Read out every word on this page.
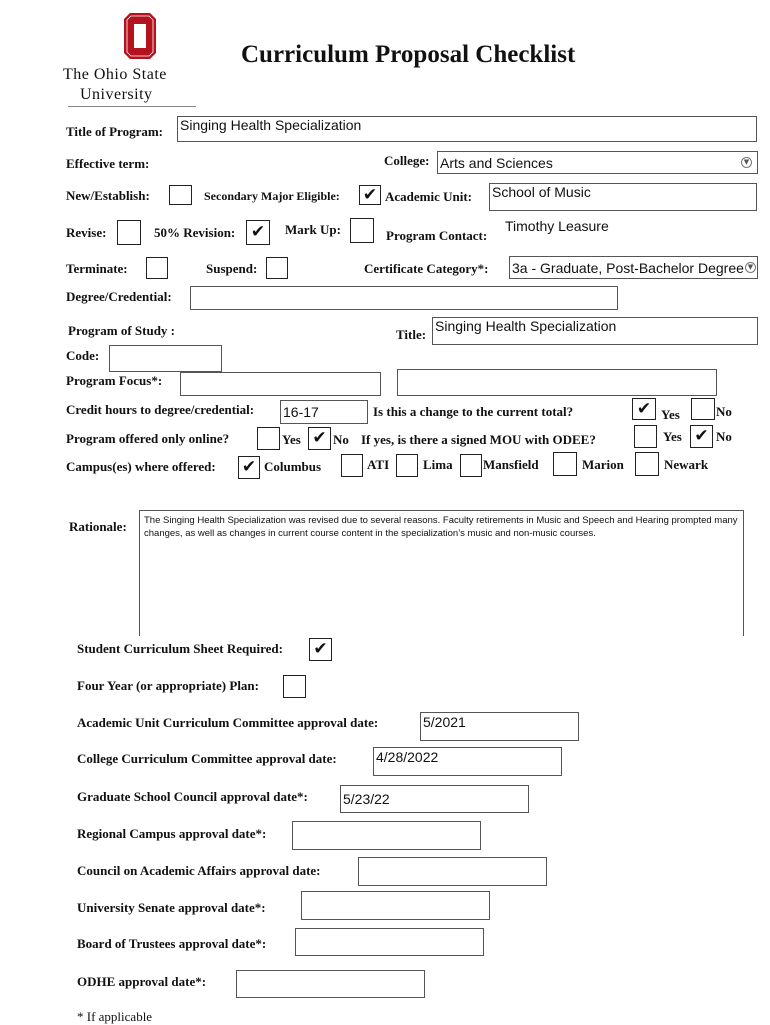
The Ohio State
University
Curriculum Proposal Checklist
Title of Program: Singing Health Specialization
Effective term:	College: Arts and Sciences	▼
New/Establish:	Secondary Major Eligible: ✔ Academic Unit: School of Music
Revise:	50% Revision: ✔ Mark Up:	Program Contact:
Timothy Leasure
Terminate:	Suspend:	Certificate Category*: 3a - Graduate, Post-Bachelor Degree ▼
Degree/Credential:
Program of Study :	Title:
Singing Health Specialization
Code:
Program Focus*:
Credit hours to degree/credential: 16-17	Is this a change to the current total?	✔ Yes	No
Program offered only online?	Yes ✔ No If yes, is there a signed MOU with ODEE?	Yes ✔ No
Campus(es) where offered: ✔ Columbus	ATI	Lima Mansfield	Marion	Newark
Rationale:	The Singing Health Specialization was revised due to several reasons. Faculty retirements in Music and Speech and Hearing prompted many changes, as well as changes in current course content in the specialization’s music and non-music courses.
Student Curriculum Sheet Required: ✔
Four Year (or appropriate) Plan:
Academic Unit Curriculum Committee approval date:	5/2021
College Curriculum Committee approval date:	4/28/2022
Graduate School Council approval date*:	5/23/22
Regional Campus approval date*:
Council on Academic Affairs approval date:
University Senate approval date*:
Board of Trustees approval date*:
ODHE approval date*:
* If applicable
